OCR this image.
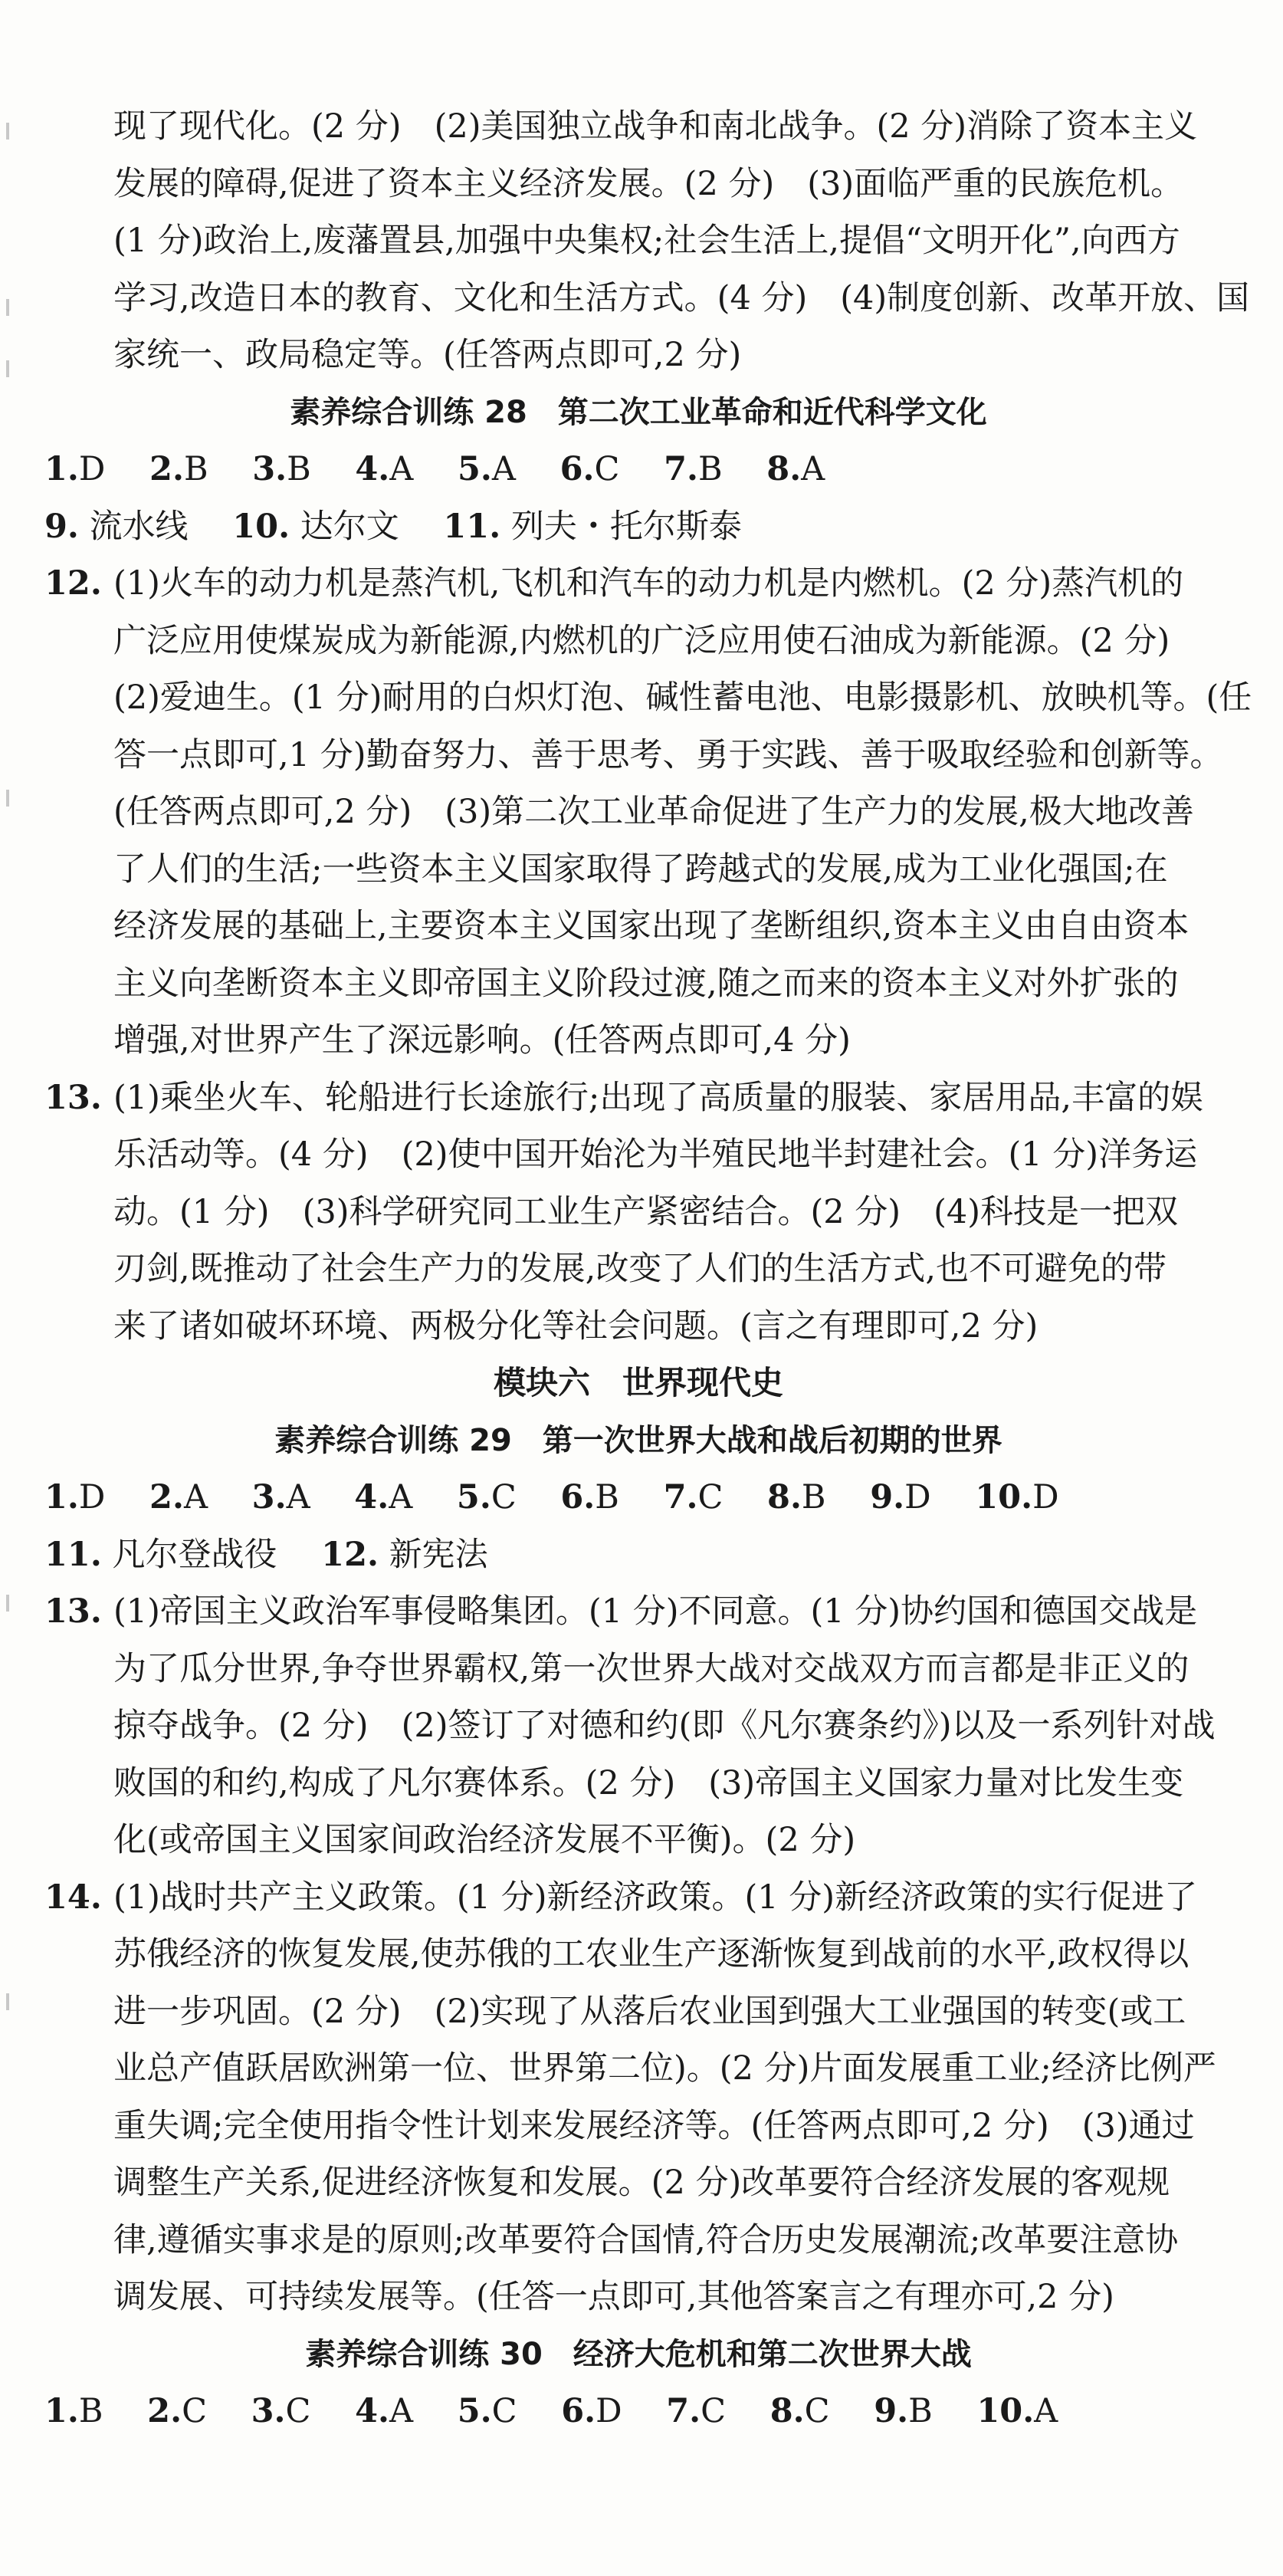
现了现代化。(2 分)　(2)美国独立战争和南北战争。(2 分)消除了资本主义
发展的障碍,促进了资本主义经济发展。(2 分)　(3)面临严重的民族危机。
(1 分)政治上,废藩置县,加强中央集权;社会生活上,提倡“文明开化”,向西方
学习,改造日本的教育、文化和生活方式。(4 分)　(4)制度创新、改革开放、国
家统一、政局稳定等。(任答两点即可,2 分)
素养综合训练 28　第二次工业革命和近代科学文化
1.D 2.B 3.B 4.A 5.A 6.C 7.B 8.A
9. 流水线 10. 达尔文 11. 列夫・托尔斯泰
12. (1)火车的动力机是蒸汽机,飞机和汽车的动力机是内燃机。(2 分)蒸汽机的
广泛应用使煤炭成为新能源,内燃机的广泛应用使石油成为新能源。(2 分)
(2)爱迪生。(1 分)耐用的白炽灯泡、碱性蓄电池、电影摄影机、放映机等。(任
答一点即可,1 分)勤奋努力、善于思考、勇于实践、善于吸取经验和创新等。
(任答两点即可,2 分)　(3)第二次工业革命促进了生产力的发展,极大地改善
了人们的生活;一些资本主义国家取得了跨越式的发展,成为工业化强国;在
经济发展的基础上,主要资本主义国家出现了垄断组织,资本主义由自由资本
主义向垄断资本主义即帝国主义阶段过渡,随之而来的资本主义对外扩张的
增强,对世界产生了深远影响。(任答两点即可,4 分)
13. (1)乘坐火车、轮船进行长途旅行;出现了高质量的服装、家居用品,丰富的娱
乐活动等。(4 分)　(2)使中国开始沦为半殖民地半封建社会。(1 分)洋务运
动。(1 分)　(3)科学研究同工业生产紧密结合。(2 分)　(4)科技是一把双
刃剑,既推动了社会生产力的发展,改变了人们的生活方式,也不可避免的带
来了诸如破坏环境、两极分化等社会问题。(言之有理即可,2 分)
模块六　世界现代史
素养综合训练 29　第一次世界大战和战后初期的世界
1.D 2.A 3.A 4.A 5.C 6.B 7.C 8.B 9.D 10.D
11. 凡尔登战役 12. 新宪法
13. (1)帝国主义政治军事侵略集团。(1 分)不同意。(1 分)协约国和德国交战是
为了瓜分世界,争夺世界霸权,第一次世界大战对交战双方而言都是非正义的
掠夺战争。(2 分)　(2)签订了对德和约(即《凡尔赛条约》)以及一系列针对战
败国的和约,构成了凡尔赛体系。(2 分)　(3)帝国主义国家力量对比发生变
化(或帝国主义国家间政治经济发展不平衡)。(2 分)
14. (1)战时共产主义政策。(1 分)新经济政策。(1 分)新经济政策的实行促进了
苏俄经济的恢复发展,使苏俄的工农业生产逐渐恢复到战前的水平,政权得以
进一步巩固。(2 分)　(2)实现了从落后农业国到强大工业强国的转变(或工
业总产值跃居欧洲第一位、世界第二位)。(2 分)片面发展重工业;经济比例严
重失调;完全使用指令性计划来发展经济等。(任答两点即可,2 分)　(3)通过
调整生产关系,促进经济恢复和发展。(2 分)改革要符合经济发展的客观规
律,遵循实事求是的原则;改革要符合国情,符合历史发展潮流;改革要注意协
调发展、可持续发展等。(任答一点即可,其他答案言之有理亦可,2 分)
素养综合训练 30　经济大危机和第二次世界大战
1.B 2.C 3.C 4.A 5.C 6.D 7.C 8.C 9.B 10.A
